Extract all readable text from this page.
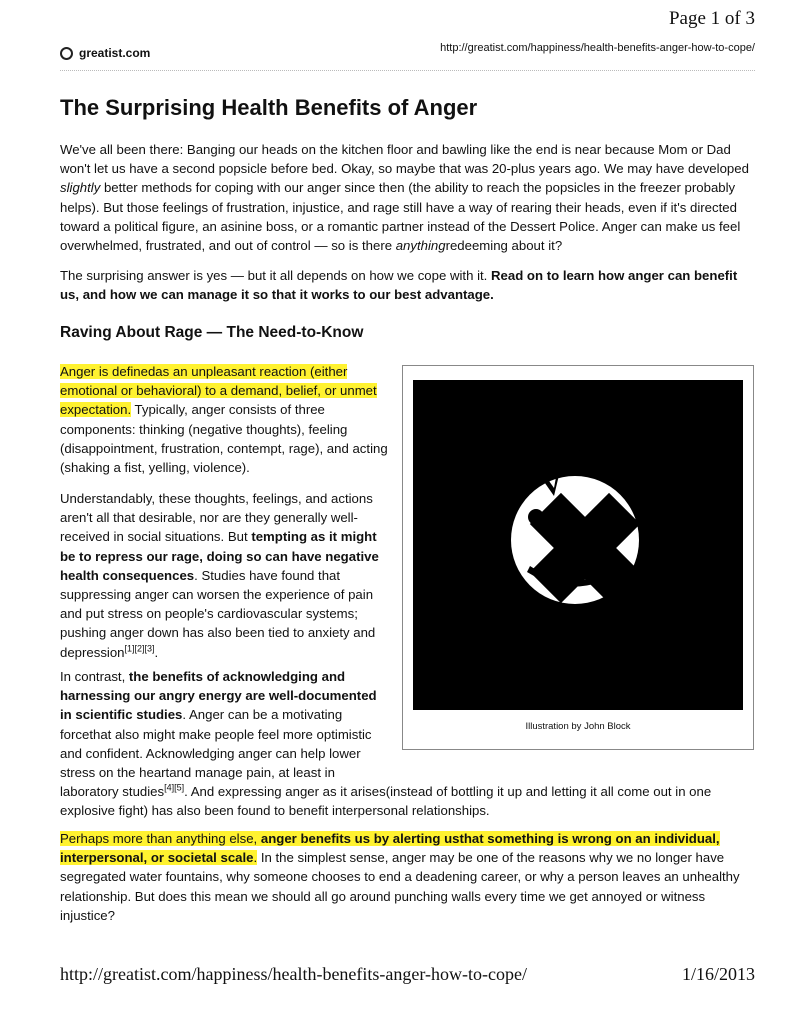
Page 1 of 3
greatist.com	http://greatist.com/happiness/health-benefits-anger-how-to-cope/
The Surprising Health Benefits of Anger

We've all been there: Banging our heads on the kitchen floor and bawling like the end is near because Mom or Dad won't let us have a second popsicle before bed. Okay, so maybe that was 20-plus years ago. We may have developed slightly better methods for coping with our anger since then (the ability to reach the popsicles in the freezer probably helps). But those feelings of frustration, injustice, and rage still have a way of rearing their heads, even if it's directed toward a political figure, an asinine boss, or a romantic partner instead of the Dessert Police. Anger can make us feel overwhelmed, frustrated, and out of control — so is there anythingredeeming about it?

The surprising answer is yes — but it all depends on how we cope with it. Read on to learn how anger can benefit us, and how we can manage it so that it works to our best advantage.

Raving About Rage — The Need-to-Know

Anger is definedas an unpleasant reaction (either emotional or behavioral) to a demand, belief, or unmet expectation. Typically, anger consists of three components: thinking (negative thoughts), feeling (disappointment, frustration, contempt, rage), and acting (shaking a fist, yelling, violence).

Understandably, these thoughts, feelings, and actions aren't all that desirable, nor are they generally well-received in social situations. But tempting as it might be to repress our rage, doing so can have negative health consequences. Studies have found that suppressing anger can worsen the experience of pain and put stress on people's cardiovascular systems; pushing anger down has also been tied to anxiety and depression[1][2][3].

In contrast, the benefits of acknowledging and harnessing our angry energy are well-documented in scientific studies. Anger can be a motivating forcethat also might make people feel more optimistic and confident. Acknowledging anger can help lower stress on the heartand manage pain, at least in

laboratory studies[4][5]. And expressing anger as it arises(instead of bottling it up and letting it all come out in one explosive fight) has also been found to benefit interpersonal relationships.

Perhaps more than anything else, anger benefits us by alerting usthat something is wrong on an individual, interpersonal, or societal scale. In the simplest sense, anger may be one of the reasons why we no longer have segregated water fountains, why someone chooses to end a deadening career, or why a person leaves an unhealthy relationship. But does this mean we should all go around punching walls every time we get annoyed or witness injustice?

Illustration by John Block
http://greatist.com/happiness/health-benefits-anger-how-to-cope/	1/16/2013
